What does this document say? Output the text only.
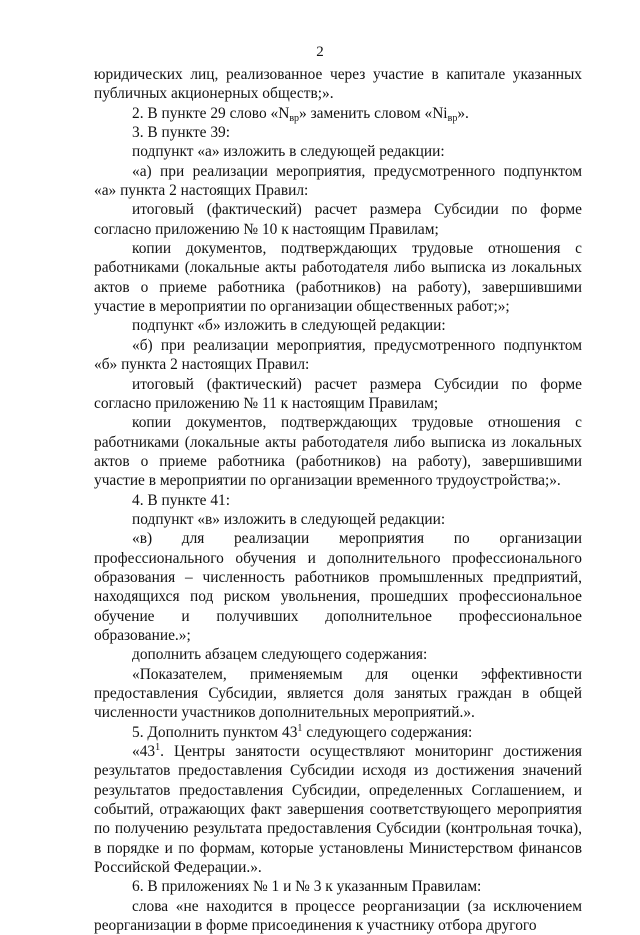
2

юридических лиц, реализованное через участие в капитале указанных публичных акционерных обществ;».

2. В пункте 29 слово «$N_{вр}$» заменить словом «$Ni_{вр}$».

3. В пункте 39:

подпункт «а» изложить в следующей редакции:

«а) при реализации мероприятия, предусмотренного подпунктом «а» пункта 2 настоящих Правил:

итоговый (фактический) расчет размера Субсидии по форме согласно приложению № 10 к настоящим Правилам;

копии документов, подтверждающих трудовые отношения с работниками (локальные акты работодателя либо выписка из локальных актов о приеме работника (работников) на работу), завершившими участие в мероприятии по организации общественных работ;»;

подпункт «б» изложить в следующей редакции:

«б) при реализации мероприятия, предусмотренного подпунктом «б» пункта 2 настоящих Правил:

итоговый (фактический) расчет размера Субсидии по форме согласно приложению № 11 к настоящим Правилам;

копии документов, подтверждающих трудовые отношения с работниками (локальные акты работодателя либо выписка из локальных актов о приеме работника (работников) на работу), завершившими участие в мероприятии по организации временного трудоустройства;».

4. В пункте 41:

подпункт «в» изложить в следующей редакции:

«в) для реализации мероприятия по организации профессионального обучения и дополнительного профессионального образования – численность работников промышленных предприятий, находящихся под риском увольнения, прошедших профессиональное обучение и получивших дополнительное профессиональное образование.»;

дополнить абзацем следующего содержания:

«Показателем, применяемым для оценки эффективности предоставления Субсидии, является доля занятых граждан в общей численности участников дополнительных мероприятий.».

5. Дополнить пунктом $43^1$ следующего содержания:

«$43^1$. Центры занятости осуществляют мониторинг достижения результатов предоставления Субсидии исходя из достижения значений результатов предоставления Субсидии, определенных Соглашением, и событий, отражающих факт завершения соответствующего мероприятия по получению результата предоставления Субсидии (контрольная точка), в порядке и по формам, которые установлены Министерством финансов Российской Федерации.».

6. В приложениях № 1 и № 3 к указанным Правилам:

слова «не находится в процессе реорганизации (за исключением реорганизации в форме присоединения к участнику отбора другого
